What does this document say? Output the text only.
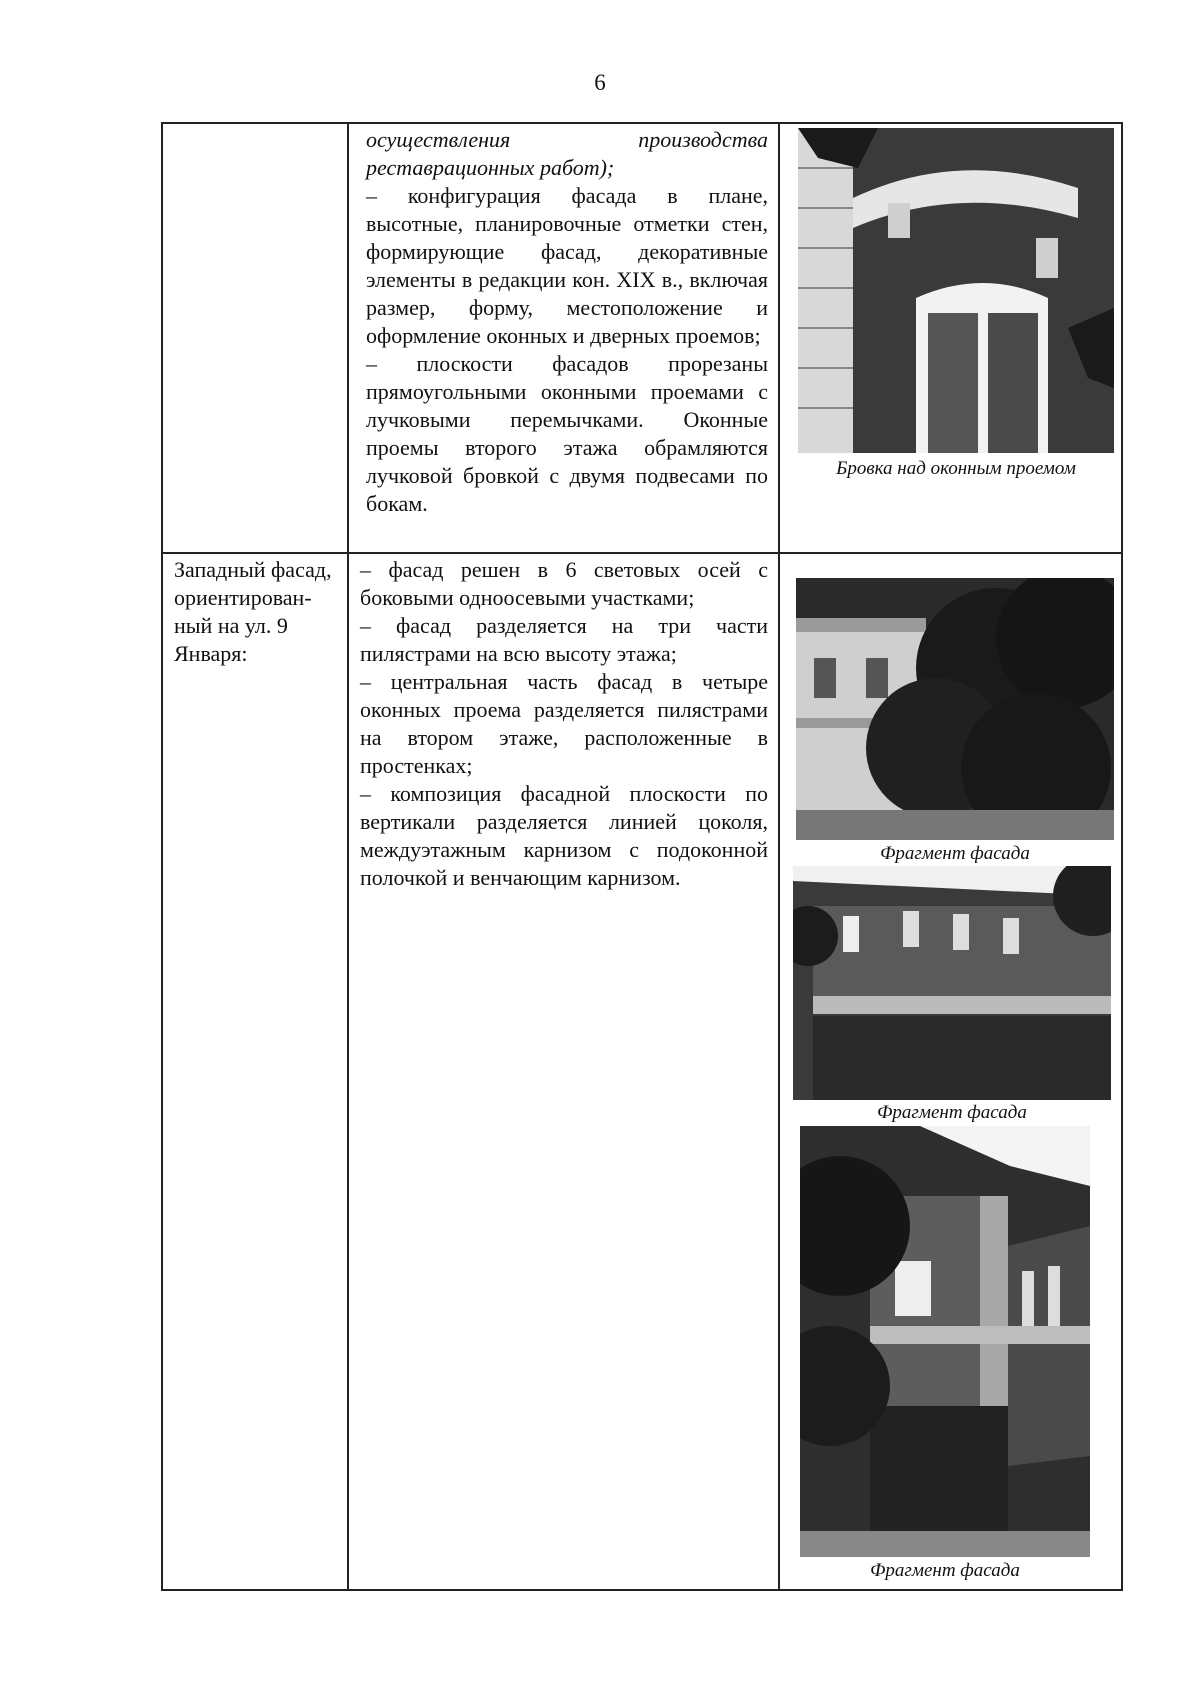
6

осуществления производства реставрационных работ);

– конфигурация фасада в плане, высотные, планировочные отметки стен, формирующие фасад, декоративные элементы в редакции кон. XIX в., включая размер, форму, местоположение и оформление оконных и дверных проемов;

– плоскости фасадов прорезаны прямоугольными оконными проемами с лучковыми перемычками. Оконные проемы второго этажа обрамляются лучковой бровкой с двумя подвесами по бокам.

Бровка над оконным проемом
Западный фасад, ориентирован-ный на ул. 9 Января:

– фасад решен в 6 световых осей с боковыми одноосевыми участками;

– фасад разделяется на три части пилястрами на всю высоту этажа;

– центральная часть фасад в четыре оконных проема разделяется пилястрами на втором этаже, расположенные в простенках;

– композиция фасадной плоскости по вертикали разделяется линией цоколя, междуэтажным карнизом с подоконной полочкой и венчающим карнизом.

Фрагмент фасада
Фрагмент фасада
Фрагмент фасада
